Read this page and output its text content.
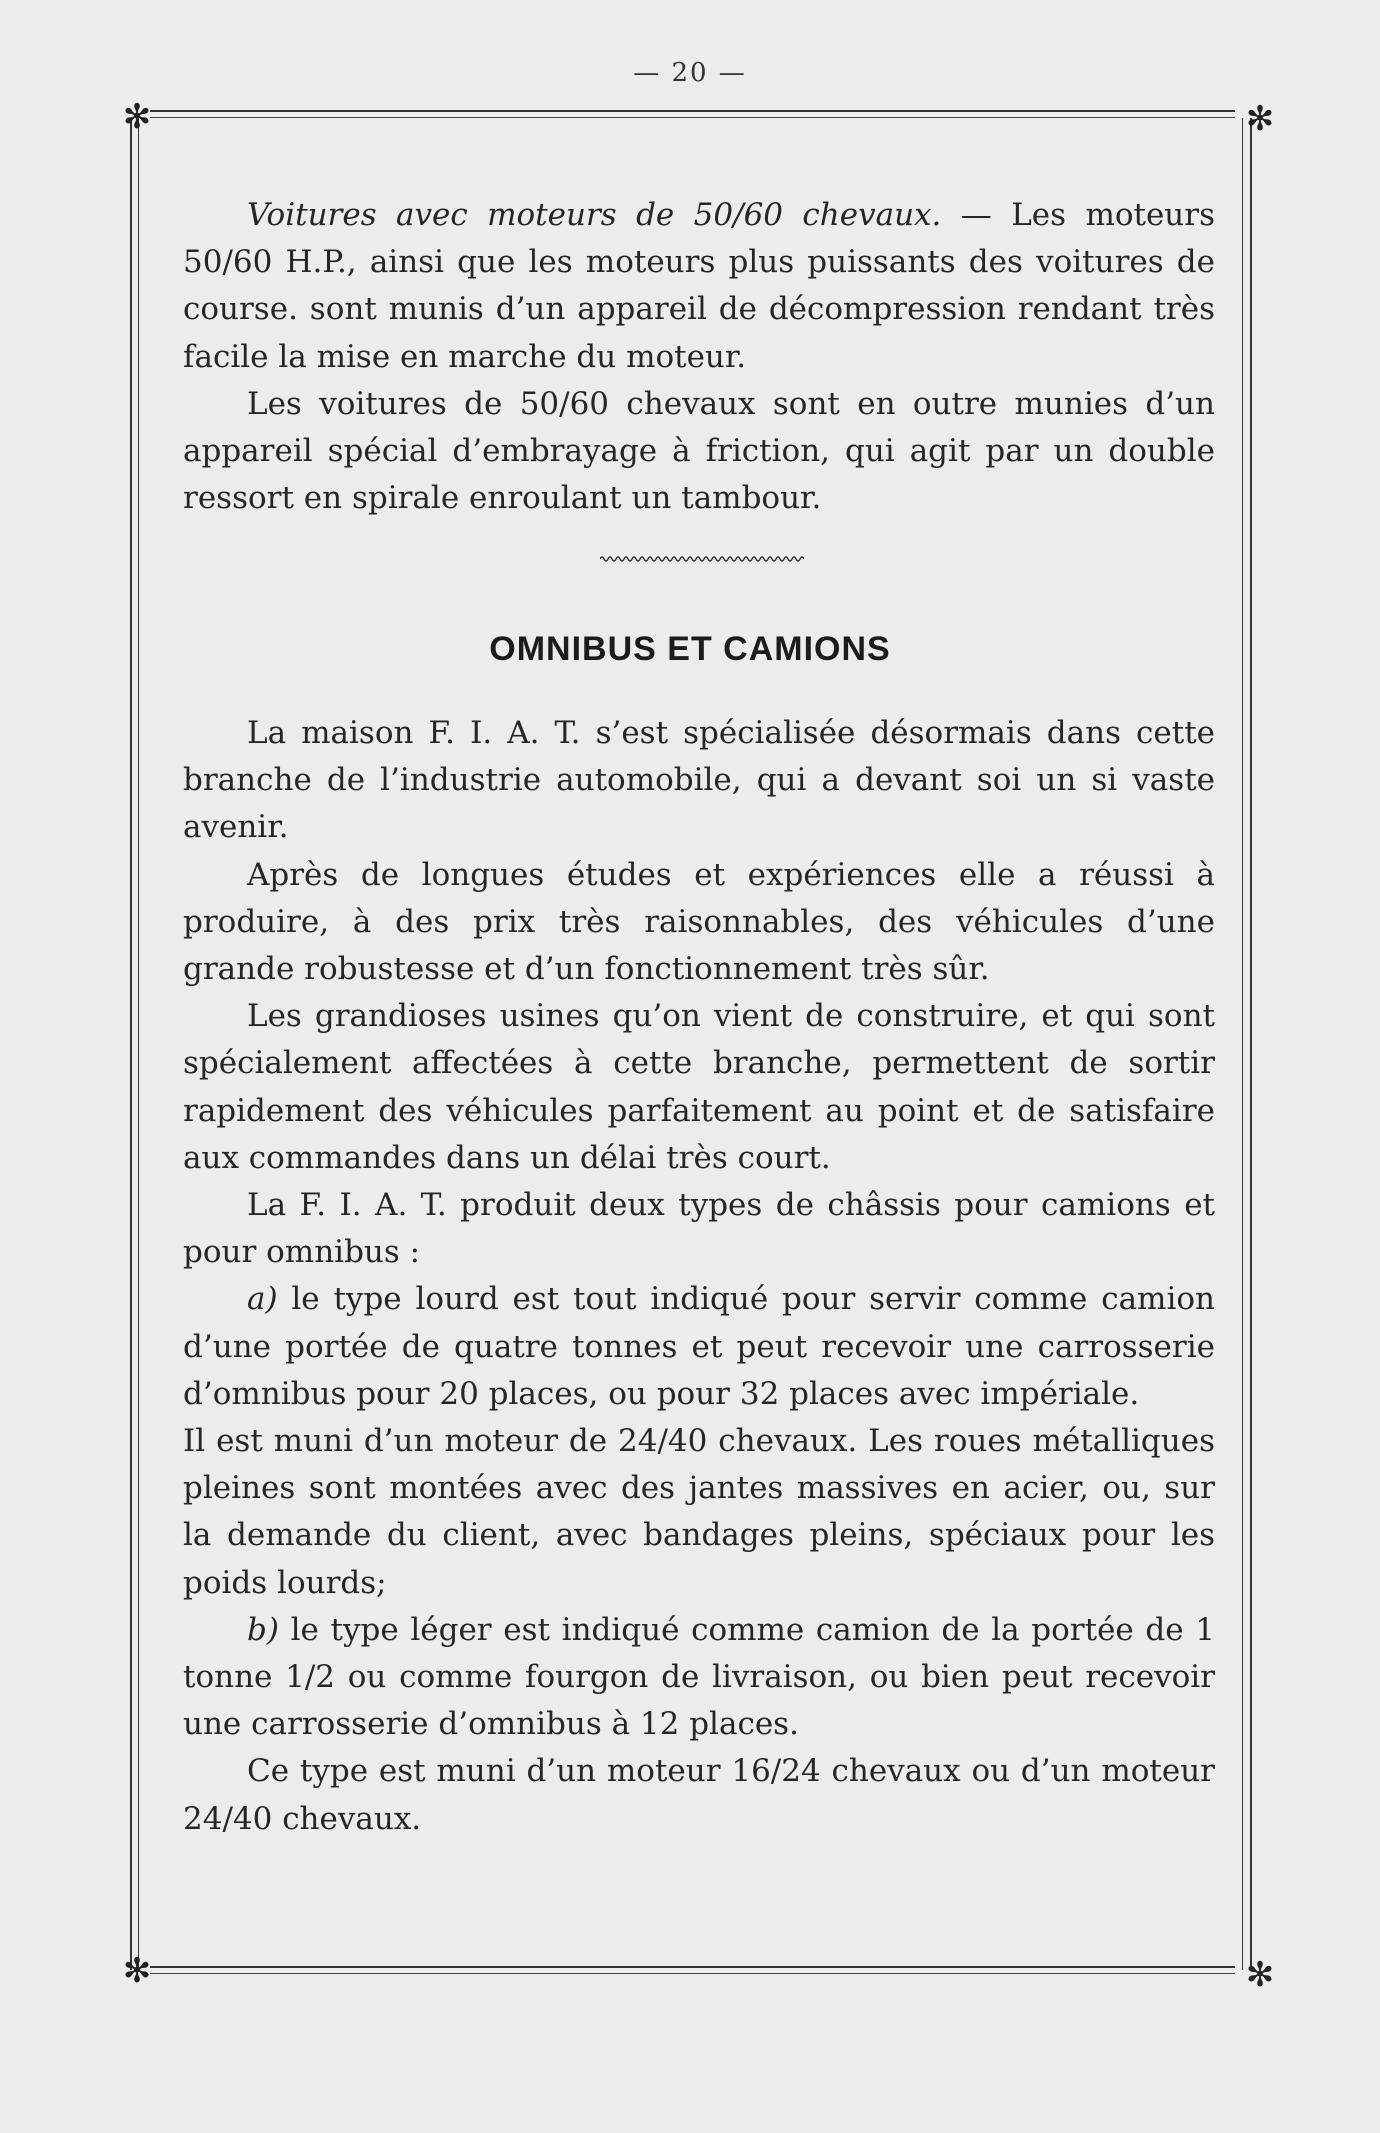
— 20 —
✻	✻
✻	✻

Voitures avec moteurs de 50/60 chevaux. — Les moteurs 50/60 H.P., ainsi que les moteurs plus puissants des voitures de course. sont munis d’un appareil de décompression rendant très facile la mise en marche du moteur.

Les voitures de 50/60 chevaux sont en outre munies d’un appareil spécial d’embrayage à friction, qui agit par un double ressort en spirale enroulant un tambour.

OMNIBUS ET CAMIONS

La maison F. I. A. T. s’est spécialisée désormais dans cette branche de l’industrie automobile, qui a devant soi un si vaste avenir.

Après de longues études et expériences elle a réussi à produire, à des prix très raisonnables, des véhicules d’une grande robustesse et d’un fonctionnement très sûr.

Les grandioses usines qu’on vient de construire, et qui sont spécialement affectées à cette branche, permettent de sortir rapidement des véhicules parfaitement au point et de satisfaire aux commandes dans un délai très court.

La F. I. A. T. produit deux types de châssis pour camions et pour omnibus :

a) le type lourd est tout indiqué pour servir comme camion d’une portée de quatre tonnes et peut recevoir une carrosserie d’omnibus pour 20 places, ou pour 32 places avec impériale.

Il est muni d’un moteur de 24/40 chevaux. Les roues métalliques pleines sont montées avec des jantes massives en acier, ou, sur la demande du client, avec bandages pleins, spéciaux pour les poids lourds;

b) le type léger est indiqué comme camion de la portée de 1 tonne 1/2 ou comme fourgon de livraison, ou bien peut recevoir une carrosserie d’omnibus à 12 places.

Ce type est muni d’un moteur 16/24 chevaux ou d’un moteur 24/40 chevaux.
